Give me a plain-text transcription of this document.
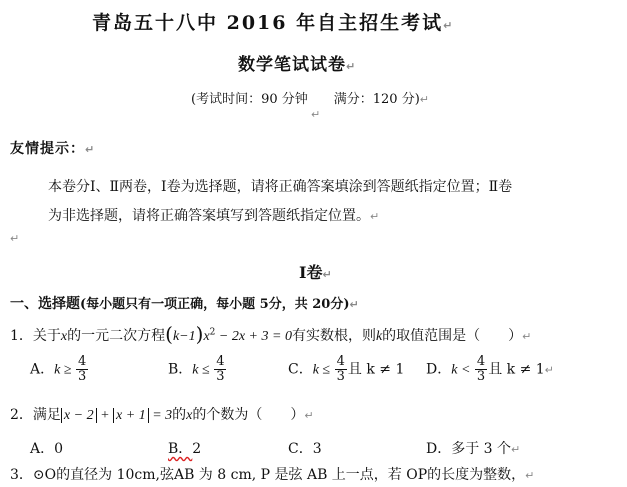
青岛五十八中 2016 年自主招生考试↵
数学笔试试卷↵
(考试时间：90 分钟　　满分：120 分)↵
↵
友情提示：↵
本卷分Ⅰ、Ⅱ两卷，Ⅰ卷为选择题，请将正确答案填涂到答题纸指定位置；Ⅱ卷
为非选择题，请将正确答案填写到答题纸指定位置。↵
↵
Ⅰ卷↵
一、选择题(每小题只有一项正确，每小题 5分，共 20分)↵
1．关于x的一元二次方程$(k-1)x^2 - 2x + 3 = 0$有实数根，则k的取值范围是（　　）↵
A．$k \ge \frac{4}{3}$	B．$k \le \frac{4}{3}$	C．$k \le \frac{4}{3}$ 且 k ≠ 1 D．$k < \frac{4}{3}$ 且 k ≠ 1↵
2．满足 x − 2 + x + 1 = 3的x的个数为（　　）↵
A．0	B．2	C．3	D．多于 3 个↵
3．⊙O的直径为 10cm,弦AB 为 8 cm, P 是弦 AB 上一点，若 OP的长度为整数，↵
